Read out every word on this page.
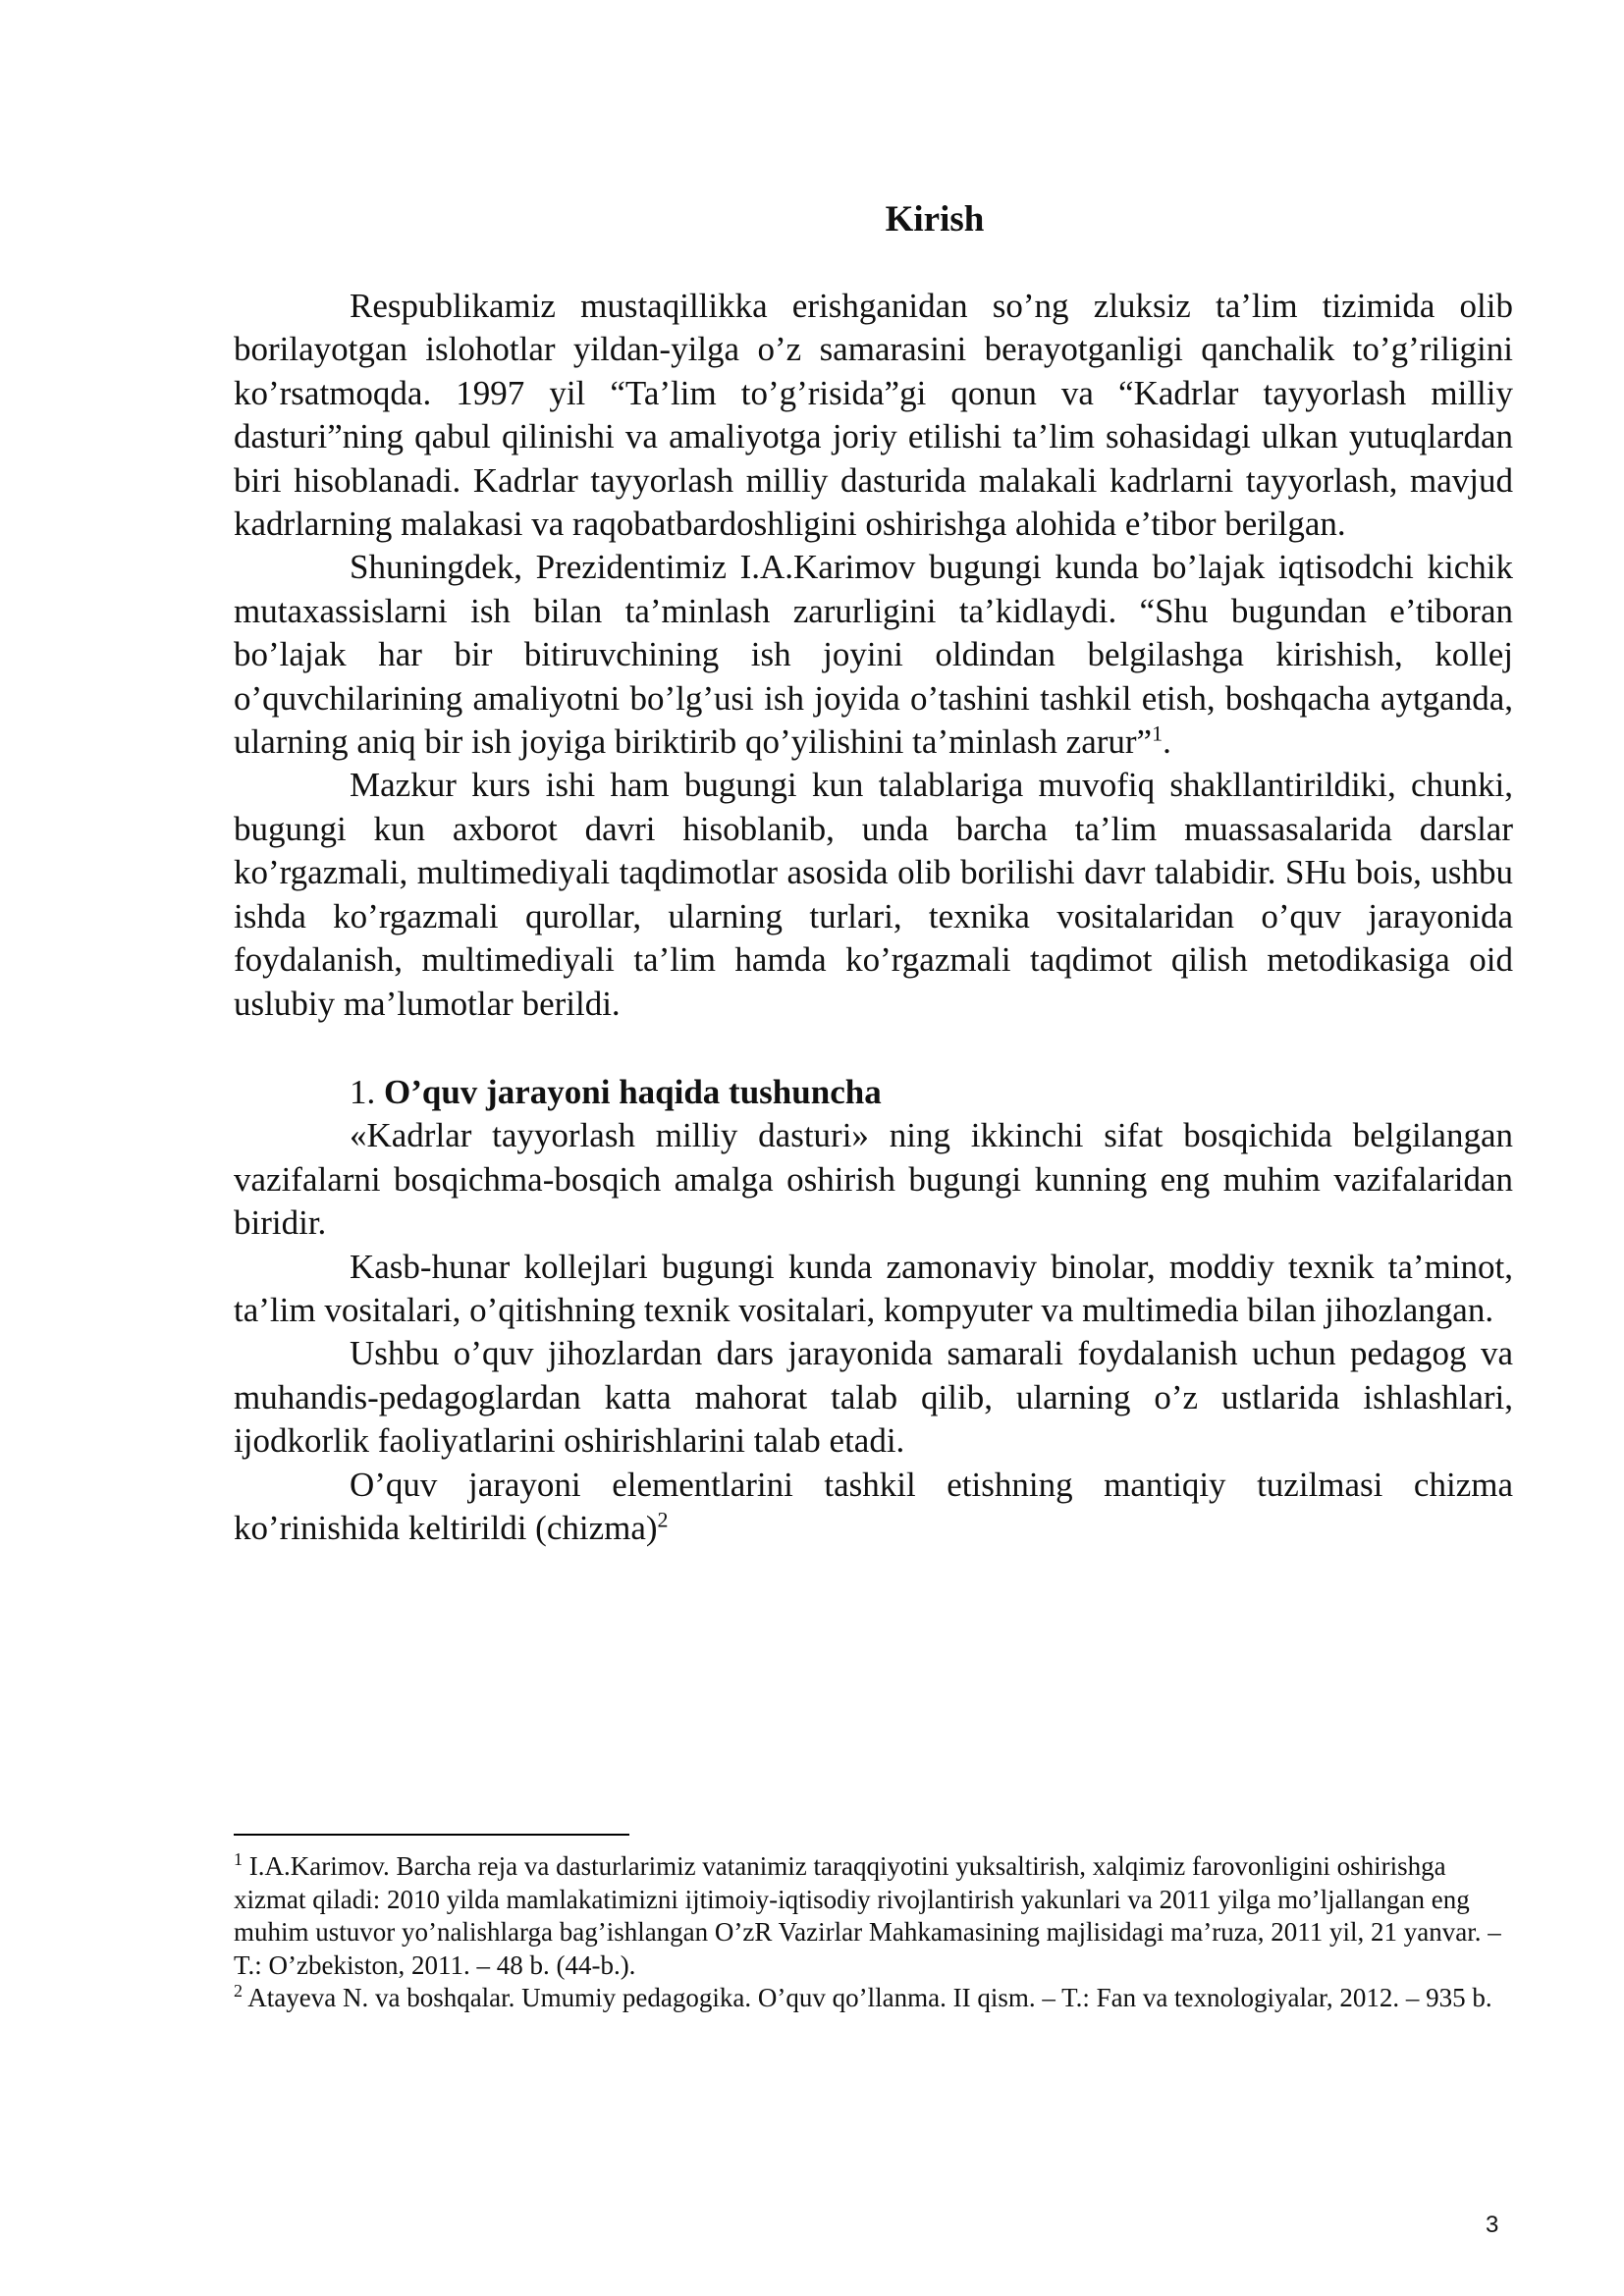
Kirish

Respublikamiz mustaqillikka erishganidan so’ng zluksiz ta’lim tizimida olib borilayotgan islohotlar yildan-yilga o’z samarasini berayotganligi qanchalik to’g’riligini ko’rsatmoqda. 1997 yil “Ta’lim to’g’risida”gi qonun va “Kadrlar tayyorlash milliy dasturi”ning qabul qilinishi va amaliyotga joriy etilishi ta’lim sohasidagi ulkan yutuqlardan biri hisoblanadi. Kadrlar tayyorlash milliy dasturida malakali kadrlarni tayyorlash, mavjud kadrlarning malakasi va raqobatbardoshligini oshirishga alohida e’tibor berilgan.

Shuningdek, Prezidentimiz I.A.Karimov bugungi kunda bo’lajak iqtisodchi kichik mutaxassislarni ish bilan ta’minlash zarurligini ta’kidlaydi. “Shu bugundan e’tiboran bo’lajak har bir bitiruvchining ish joyini oldindan belgilashga kirishish, kollej o’quvchilarining amaliyotni bo’lg’usi ish joyida o’tashini tashkil etish, boshqacha aytganda, ularning aniq bir ish joyiga biriktirib qo’yilishini ta’minlash zarur”$^1$.

Mazkur kurs ishi ham bugungi kun talablariga muvofiq shakllantirildiki, chunki, bugungi kun axborot davri hisoblanib, unda barcha ta’lim muassasalarida darslar ko’rgazmali, multimediyali taqdimotlar asosida olib borilishi davr talabidir. SHu bois, ushbu ishda ko’rgazmali qurollar, ularning turlari, texnika vositalaridan o’quv jarayonida foydalanish, multimediyali ta’lim hamda ko’rgazmali taqdimot qilish metodikasiga oid uslubiy ma’lumotlar berildi.

1. O’quv jarayoni haqida tushuncha

«Kadrlar tayyorlash milliy dasturi» ning ikkinchi sifat bosqichida belgilangan vazifalarni bosqichma-bosqich amalga oshirish bugungi kunning eng muhim vazifalaridan biridir.

Kasb-hunar kollejlari bugungi kunda zamonaviy binolar, moddiy texnik ta’minot, ta’lim vositalari, o’qitishning texnik vositalari, kompyuter va multimedia bilan jihozlangan.

Ushbu o’quv jihozlardan dars jarayonida samarali foydalanish uchun pedagog va muhandis-pedagoglardan katta mahorat talab qilib, ularning o’z ustlarida ishlashlari, ijodkorlik faoliyatlarini oshirishlarini talab etadi.

O’quv jarayoni elementlarini tashkil etishning mantiqiy tuzilmasi chizma ko’rinishida keltirildi (chizma)$^2$

$^1$ I.A.Karimov. Barcha reja va dasturlarimiz vatanimiz taraqqiyotini yuksaltirish, xalqimiz farovonligini oshirishga xizmat qiladi: 2010 yilda mamlakatimizni ijtimoiy-iqtisodiy rivojlantirish yakunlari va 2011 yilga mo’ljallangan eng muhim ustuvor yo’nalishlarga bag’ishlangan O’zR Vazirlar Mahkamasining majlisidagi ma’ruza, 2011 yil, 21 yanvar. – T.: O’zbekiston, 2011. – 48 b. (44-b.).

$^2$ Atayeva N. va boshqalar. Umumiy pedagogika. O’quv qo’llanma. II qism. – T.: Fan va texnologiyalar, 2012. – 935 b.

3
